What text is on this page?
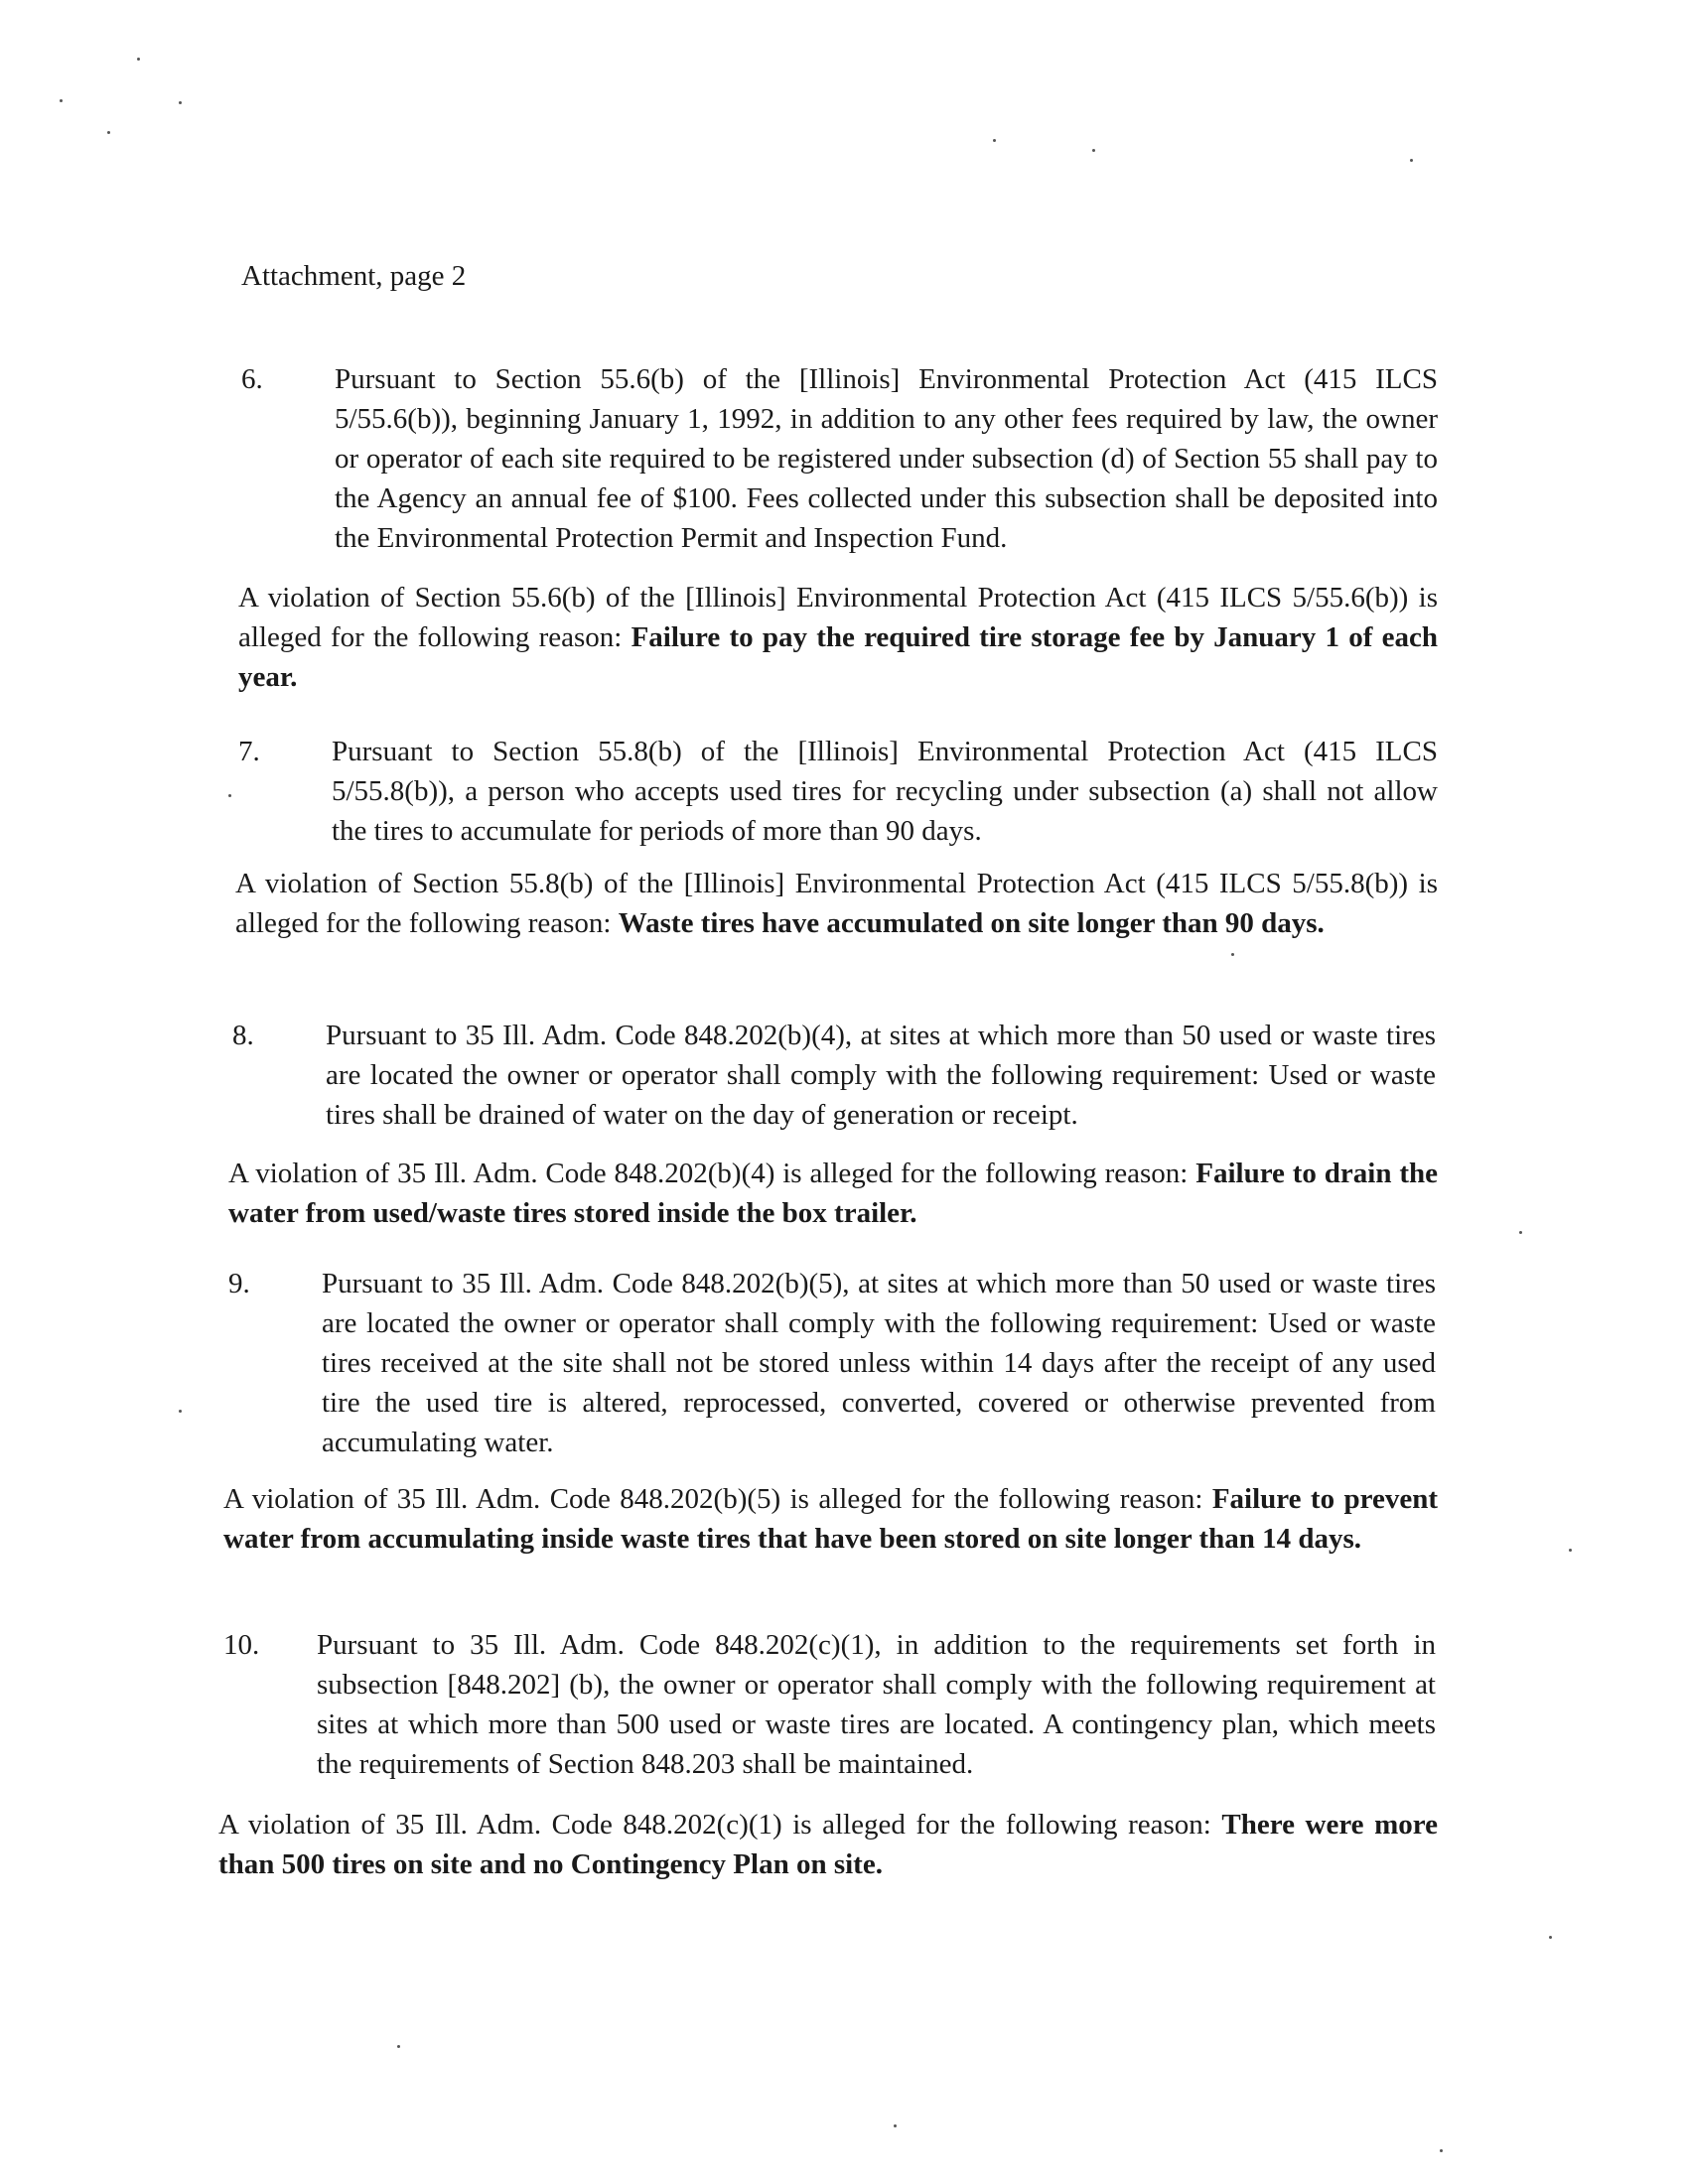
Attachment, page 2
6. Pursuant to Section 55.6(b) of the [Illinois] Environmental Protection Act (415 ILCS 5/55.6(b)), beginning January 1, 1992, in addition to any other fees required by law, the owner or operator of each site required to be registered under subsection (d) of Section 55 shall pay to the Agency an annual fee of $100. Fees collected under this subsection shall be deposited into the Environmental Protection Permit and Inspection Fund.
A violation of Section 55.6(b) of the [Illinois] Environmental Protection Act (415 ILCS 5/55.6(b)) is alleged for the following reason: Failure to pay the required tire storage fee by January 1 of each year.
7. Pursuant to Section 55.8(b) of the [Illinois] Environmental Protection Act (415 ILCS 5/55.8(b)), a person who accepts used tires for recycling under subsection (a) shall not allow the tires to accumulate for periods of more than 90 days.
A violation of Section 55.8(b) of the [Illinois] Environmental Protection Act (415 ILCS 5/55.8(b)) is alleged for the following reason: Waste tires have accumulated on site longer than 90 days.
8. Pursuant to 35 Ill. Adm. Code 848.202(b)(4), at sites at which more than 50 used or waste tires are located the owner or operator shall comply with the following requirement: Used or waste tires shall be drained of water on the day of generation or receipt.
A violation of 35 Ill. Adm. Code 848.202(b)(4) is alleged for the following reason: Failure to drain the water from used/waste tires stored inside the box trailer.
9. Pursuant to 35 Ill. Adm. Code 848.202(b)(5), at sites at which more than 50 used or waste tires are located the owner or operator shall comply with the following requirement: Used or waste tires received at the site shall not be stored unless within 14 days after the receipt of any used tire the used tire is altered, reprocessed, converted, covered or otherwise prevented from accumulating water.
A violation of 35 Ill. Adm. Code 848.202(b)(5) is alleged for the following reason: Failure to prevent water from accumulating inside waste tires that have been stored on site longer than 14 days.
10. Pursuant to 35 Ill. Adm. Code 848.202(c)(1), in addition to the requirements set forth in subsection [848.202] (b), the owner or operator shall comply with the following requirement at sites at which more than 500 used or waste tires are located. A contingency plan, which meets the requirements of Section 848.203 shall be maintained.
A violation of 35 Ill. Adm. Code 848.202(c)(1) is alleged for the following reason: There were more than 500 tires on site and no Contingency Plan on site.
